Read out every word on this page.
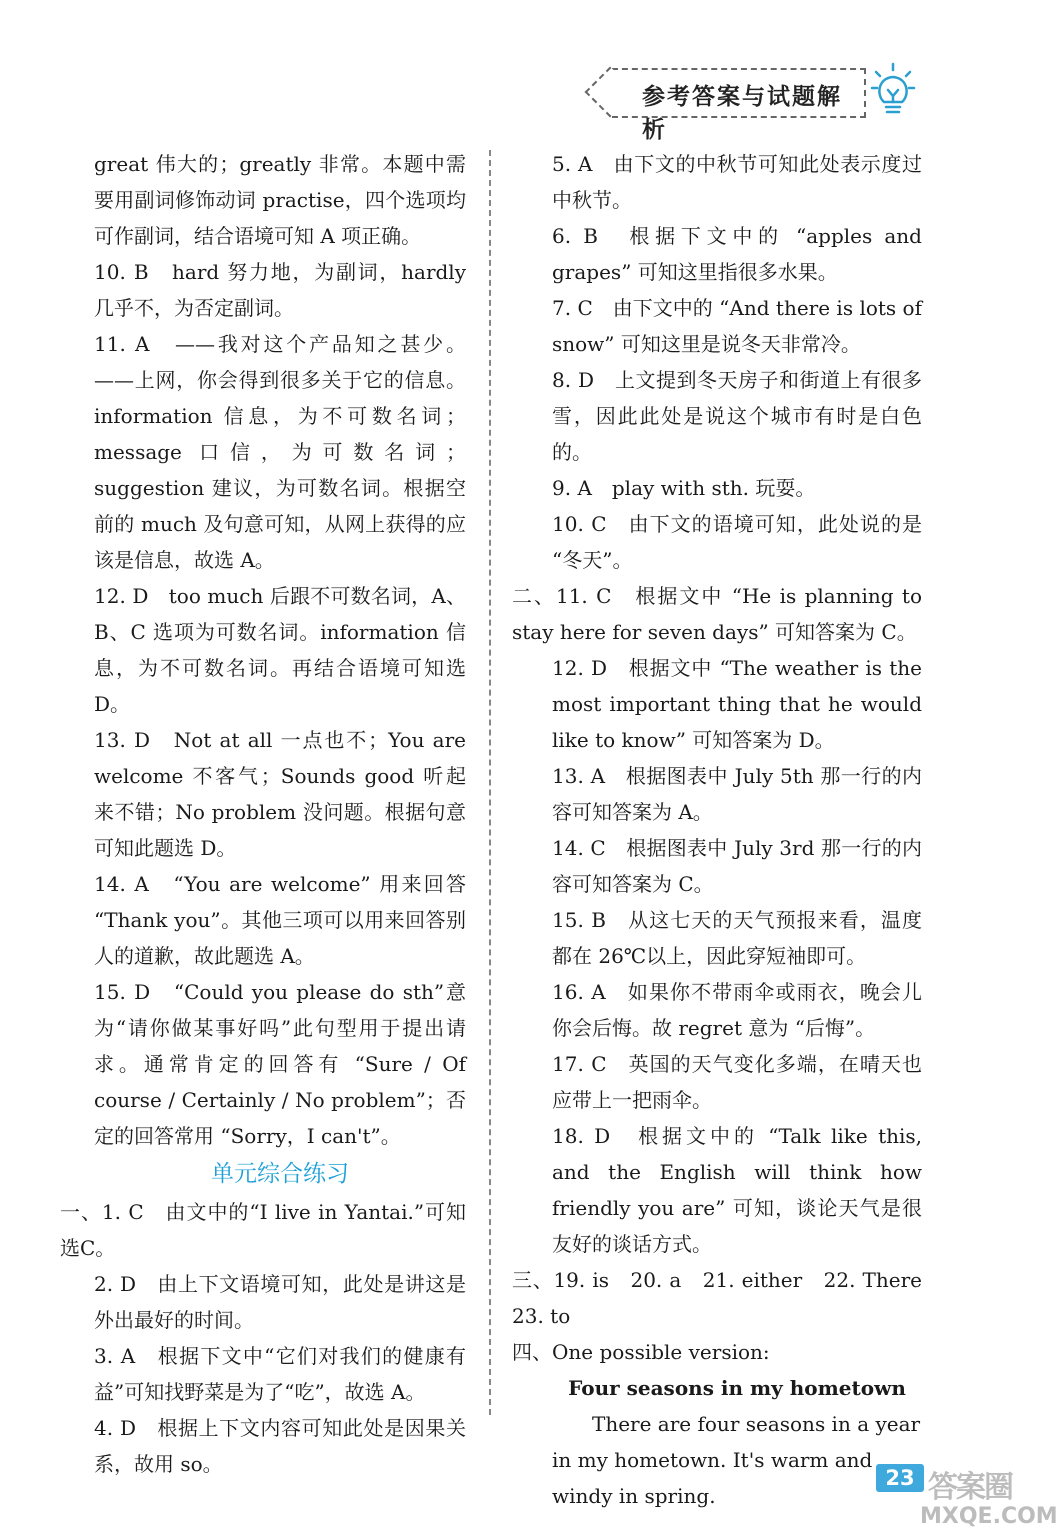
参考答案与试题解析

great 伟大的；greatly 非常。本题中需要用副词修饰动词 practise，四个选项均可作副词，结合语境可知 A 项正确。

10. B　hard 努力地，为副词，hardly 几乎不，为否定副词。

11. A　——我对这个产品知之甚少。——上网，你会得到很多关于它的信息。information 信息，为不可数名词；message 口信，为可数名词；suggestion 建议，为可数名词。根据空前的 much 及句意可知，从网上获得的应该是信息，故选 A。

12. D　too much 后跟不可数名词，A、B、C 选项为可数名词。information 信息，为不可数名词。再结合语境可知选 D。

13. D　Not at all 一点也不；You are welcome 不客气；Sounds good 听起来不错；No problem 没问题。根据句意可知此题选 D。

14. A　“You are welcome” 用来回答 “Thank you”。其他三项可以用来回答别人的道歉，故此题选 A。

15. D　“Could you please do sth”意为“请你做某事好吗”此句型用于提出请求。通常肯定的回答有 “Sure / Of course / Certainly / No problem”；否定的回答常用 “Sorry，I can't”。

单元综合练习

一、1. C　由文中的“I live in Yantai.”可知选C。

2. D　由上下文语境可知，此处是讲这是外出最好的时间。

3. A　根据下文中“它们对我们的健康有益”可知找野菜是为了“吃”，故选 A。

4. D　根据上下文内容可知此处是因果关系，故用 so。

5. A　由下文的中秋节可知此处表示度过中秋节。

6. B　根据下文中的 “apples and grapes” 可知这里指很多水果。

7. C　由下文中的 “And there is lots of snow” 可知这里是说冬天非常冷。

8. D　上文提到冬天房子和街道上有很多雪，因此此处是说这个城市有时是白色的。

9. A　play with sth. 玩耍。

10. C　由下文的语境可知，此处说的是 “冬天”。

二、11. C　根据文中 “He is planning to stay here for seven days” 可知答案为 C。

12. D　根据文中 “The weather is the most important thing that he would like to know” 可知答案为 D。

13. A　根据图表中 July 5th 那一行的内容可知答案为 A。

14. C　根据图表中 July 3rd 那一行的内容可知答案为 C。

15. B　从这七天的天气预报来看，温度都在 26℃以上，因此穿短袖即可。

16. A　如果你不带雨伞或雨衣，晚会儿你会后悔。故 regret 意为 “后悔”。

17. C　英国的天气变化多端，在晴天也应带上一把雨伞。

18. D　根据文中的 “Talk like this, and the English will think how friendly you are” 可知，谈论天气是很友好的谈话方式。

三、19. is　20. a　21. either　22. There　23. to

四、One possible version:

Four seasons in my hometown

There are four seasons in a year in my hometown. It's warm and windy in spring.

23 答案圈
MXQE.COM
